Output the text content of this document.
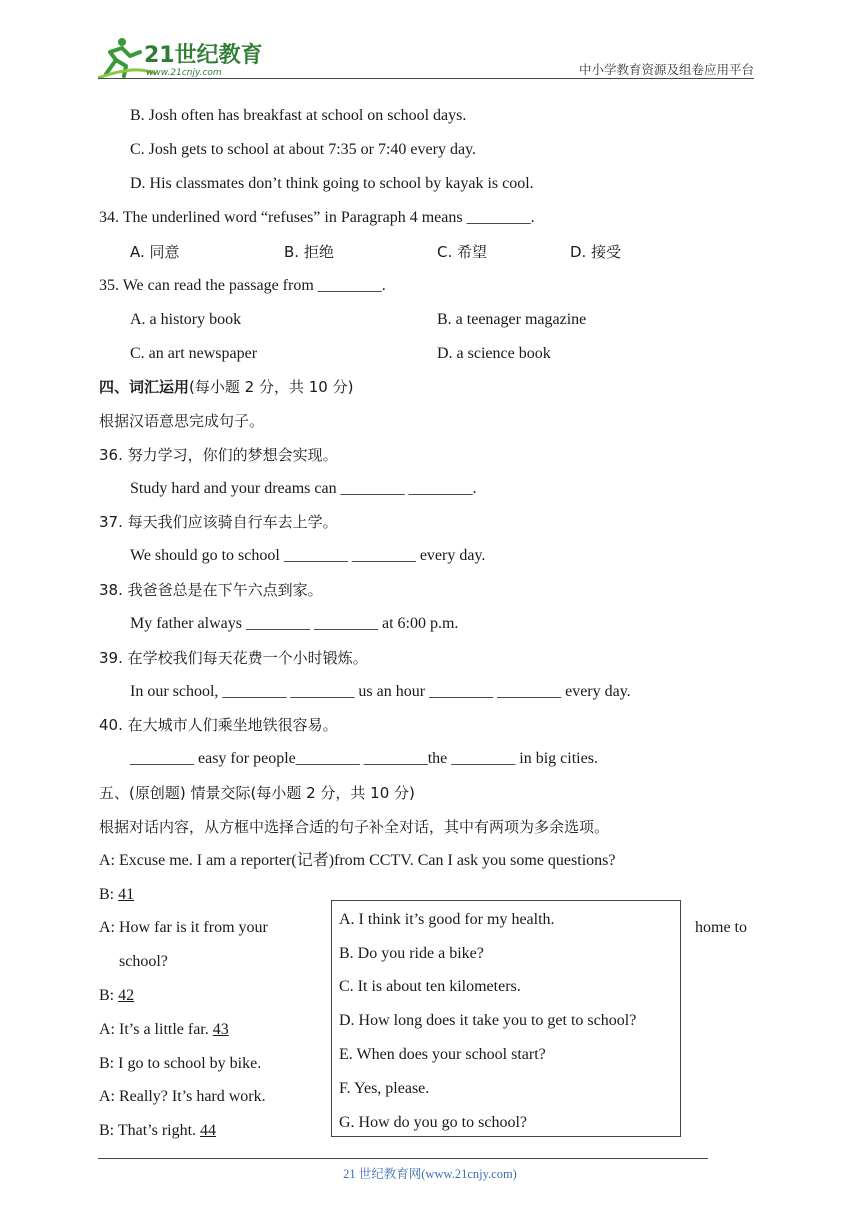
21世纪教育
www.21cnjy.com	中小学教育资源及组卷应用平台
B. Josh often has breakfast at school on school days.
C. Josh gets to school at about 7:35 or 7:40 every day.
D. His classmates don’t think going to school by kayak is cool.
34. The underlined word “refuses” in Paragraph 4 means ________.
A. 同意	B. 拒绝	C. 希望	D. 接受
35. We can read the passage from ________.
A. a history book	B. a teenager magazine
C. an art newspaper	D. a science book
四、词汇运用(每小题 2 分，共 10 分)
根据汉语意思完成句子。
36. 努力学习，你们的梦想会实现。
Study hard and your dreams can ________ ________.
37. 每天我们应该骑自行车去上学。
We should go to school ________ ________ every day.
38. 我爸爸总是在下午六点到家。
My father always ________ ________ at 6:00 p.m.
39. 在学校我们每天花费一个小时锻炼。
In our school, ________ ________ us an hour ________ ________ every day.
40. 在大城市人们乘坐地铁很容易。
________ easy for people________ ________the ________ in big cities.
五、(原创题) 情景交际(每小题 2 分，共 10 分)
根据对话内容，从方框中选择合适的句子补全对话，其中有两项为多余选项。
A: Excuse me. I am a reporter(记者)from CCTV. Can I ask you some questions?
B: 41
A: How far is it from your	home to
school?
B: 42
A: It’s a little far. 43
B: I go to school by bike.
A: Really? It’s hard work.
B: That’s right. 44
A. I think it’s good for my health.
B. Do you ride a bike?
C. It is about ten kilometers.
D. How long does it take you to get to school?
E. When does your school start?
F. Yes, please.
G. How do you go to school?
21 世纪教育网(www.21cnjy.com)
